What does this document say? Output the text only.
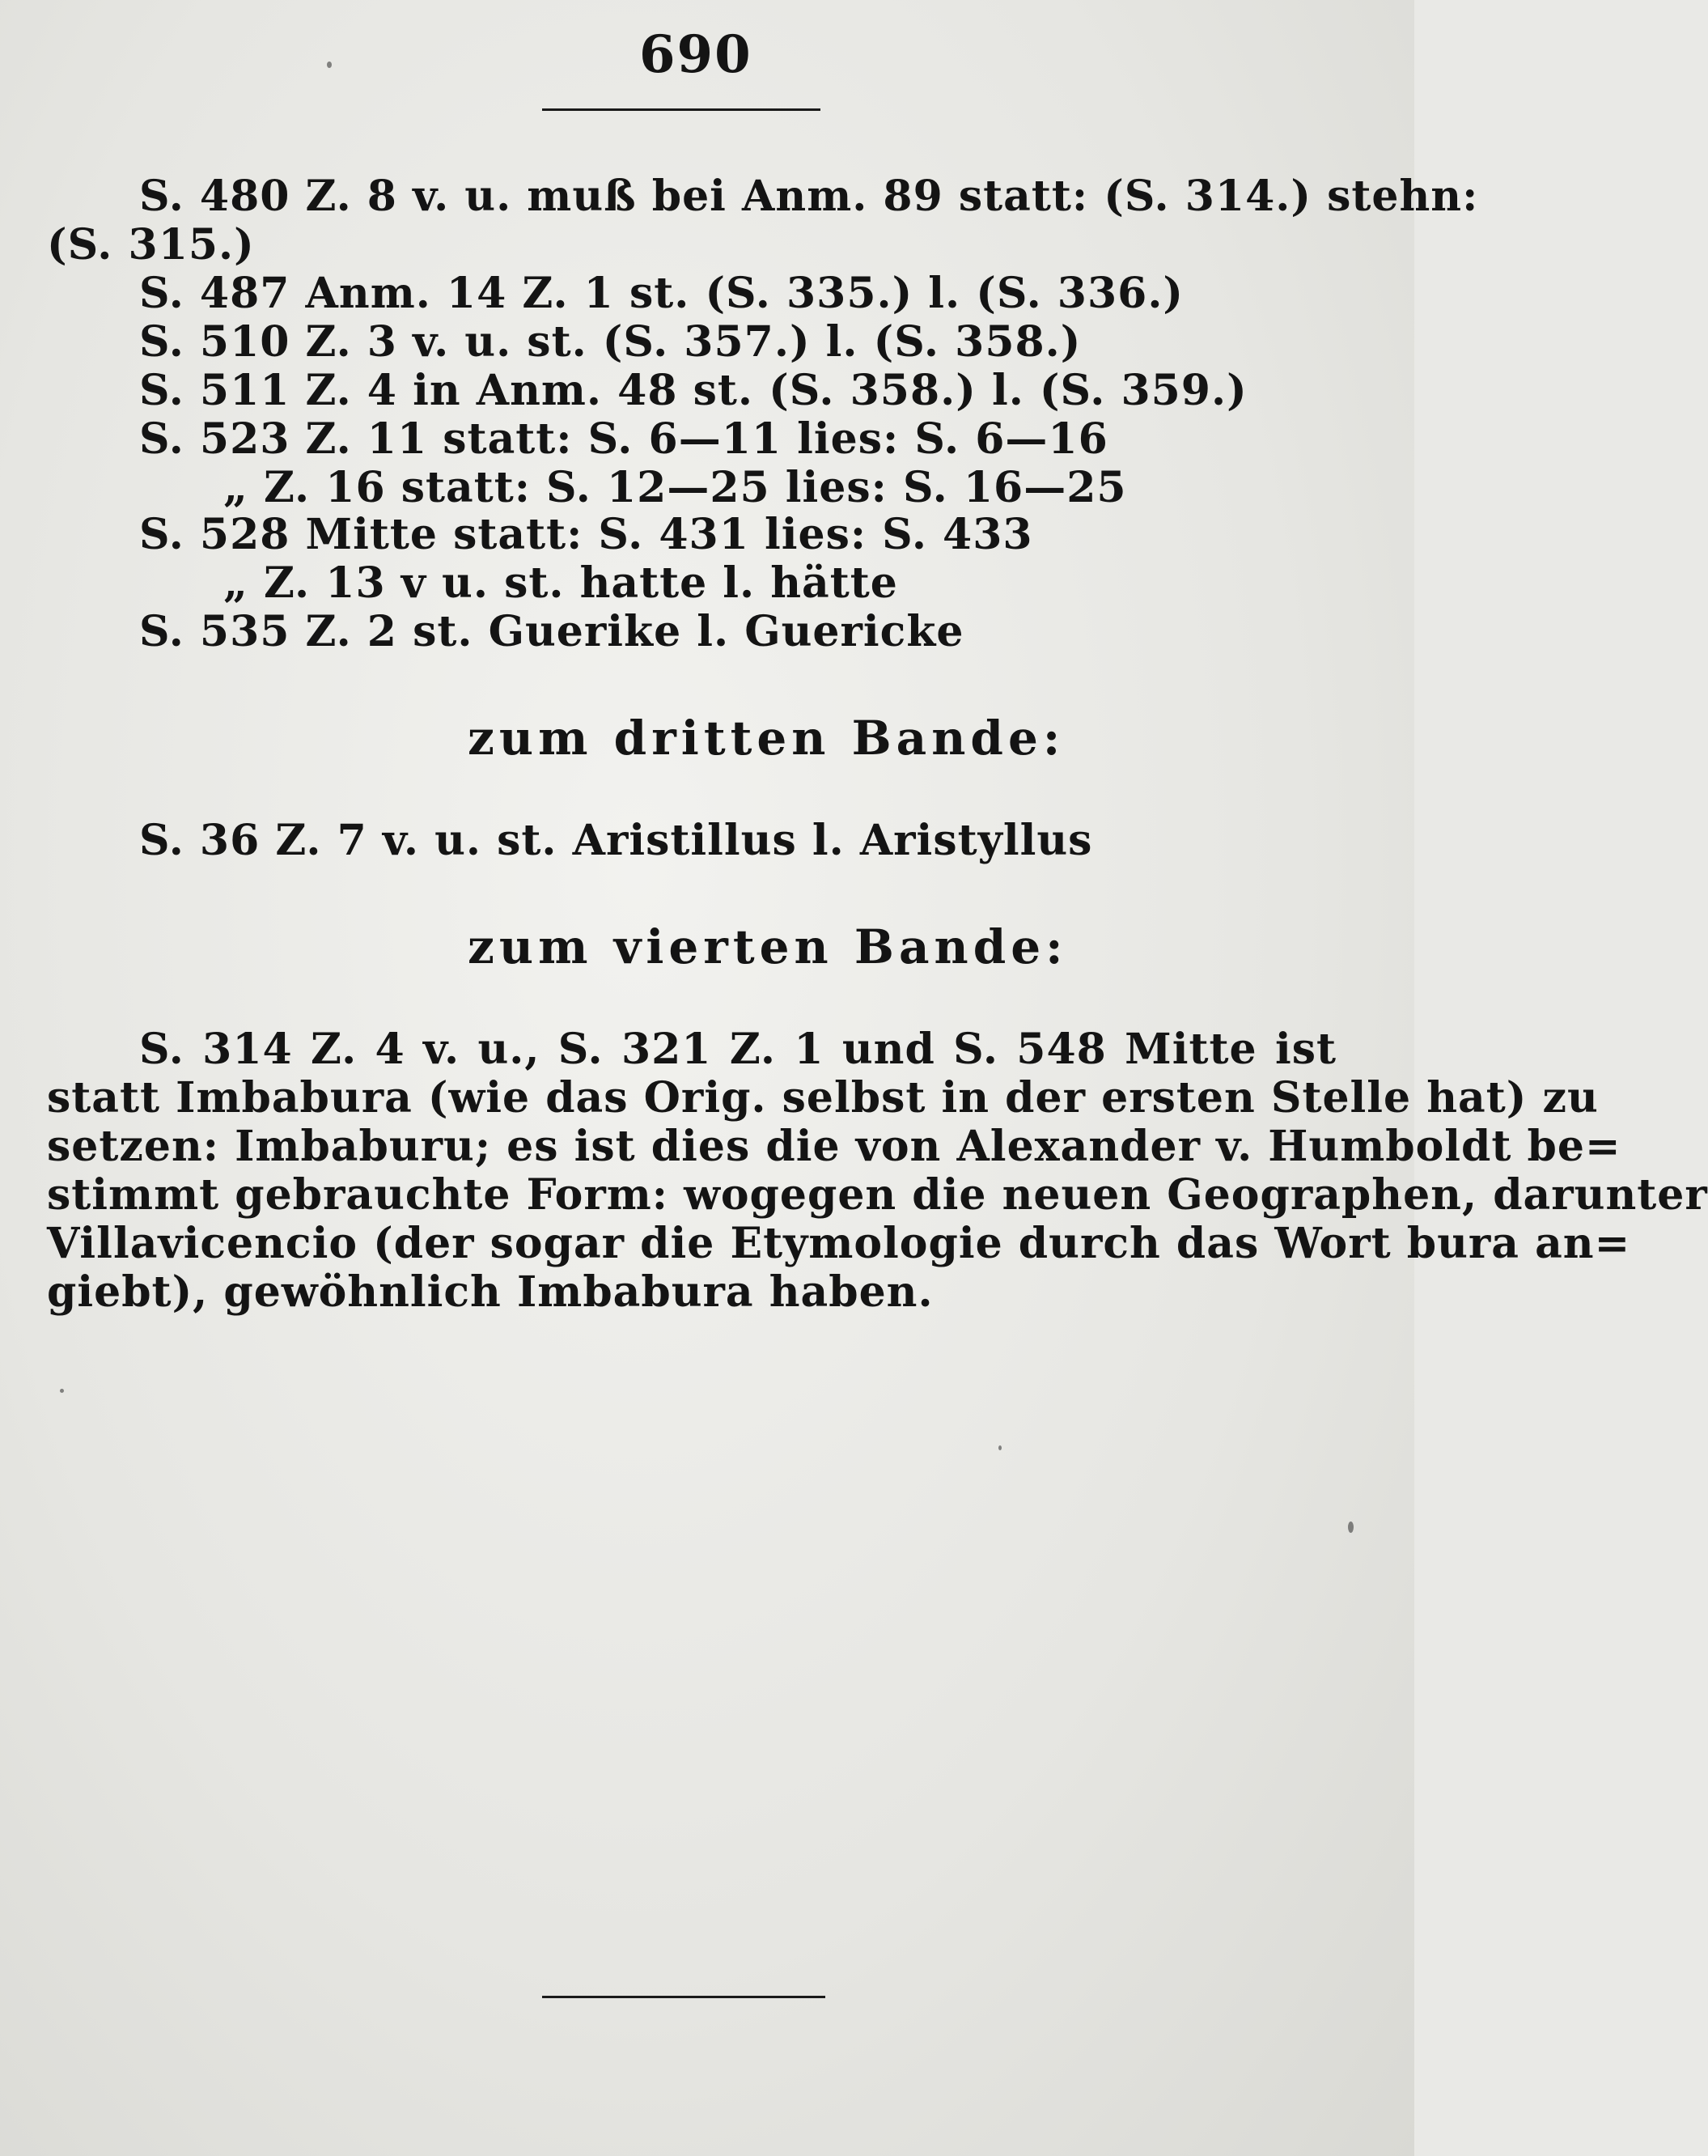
690
S. 480 Z. 8 v. u. muß bei Anm. 89 statt: (S. 314.) stehn:
(S. 315.)
S. 487 Anm. 14 Z. 1 st. (S. 335.) l. (S. 336.)
S. 510 Z. 3 v. u. st. (S. 357.) l. (S. 358.)
S. 511 Z. 4 in Anm. 48 st. (S. 358.) l. (S. 359.)
S. 523 Z. 11 statt: S. 6—11 lies: S. 6—16
„ Z. 16 statt: S. 12—25 lies: S. 16—25
S. 528 Mitte statt: S. 431 lies: S. 433
„ Z. 13 v u. st. hatte l. hätte
S. 535 Z. 2 st. Guerike l. Guericke
zum dritten Bande:
S. 36 Z. 7 v. u. st. Aristillus l. Aristyllus
zum vierten Bande:
S. 314 Z. 4 v. u., S. 321 Z. 1 und S. 548 Mitte ist
statt Imbabura (wie das Orig. selbst in der ersten Stelle hat) zu
setzen: Imbaburu; es ist dies die von Alexander v. Humboldt be=
stimmt gebrauchte Form: wogegen die neuen Geographen, darunter
Villavicencio (der sogar die Etymologie durch das Wort bura an=
giebt), gewöhnlich Imbabura haben.
